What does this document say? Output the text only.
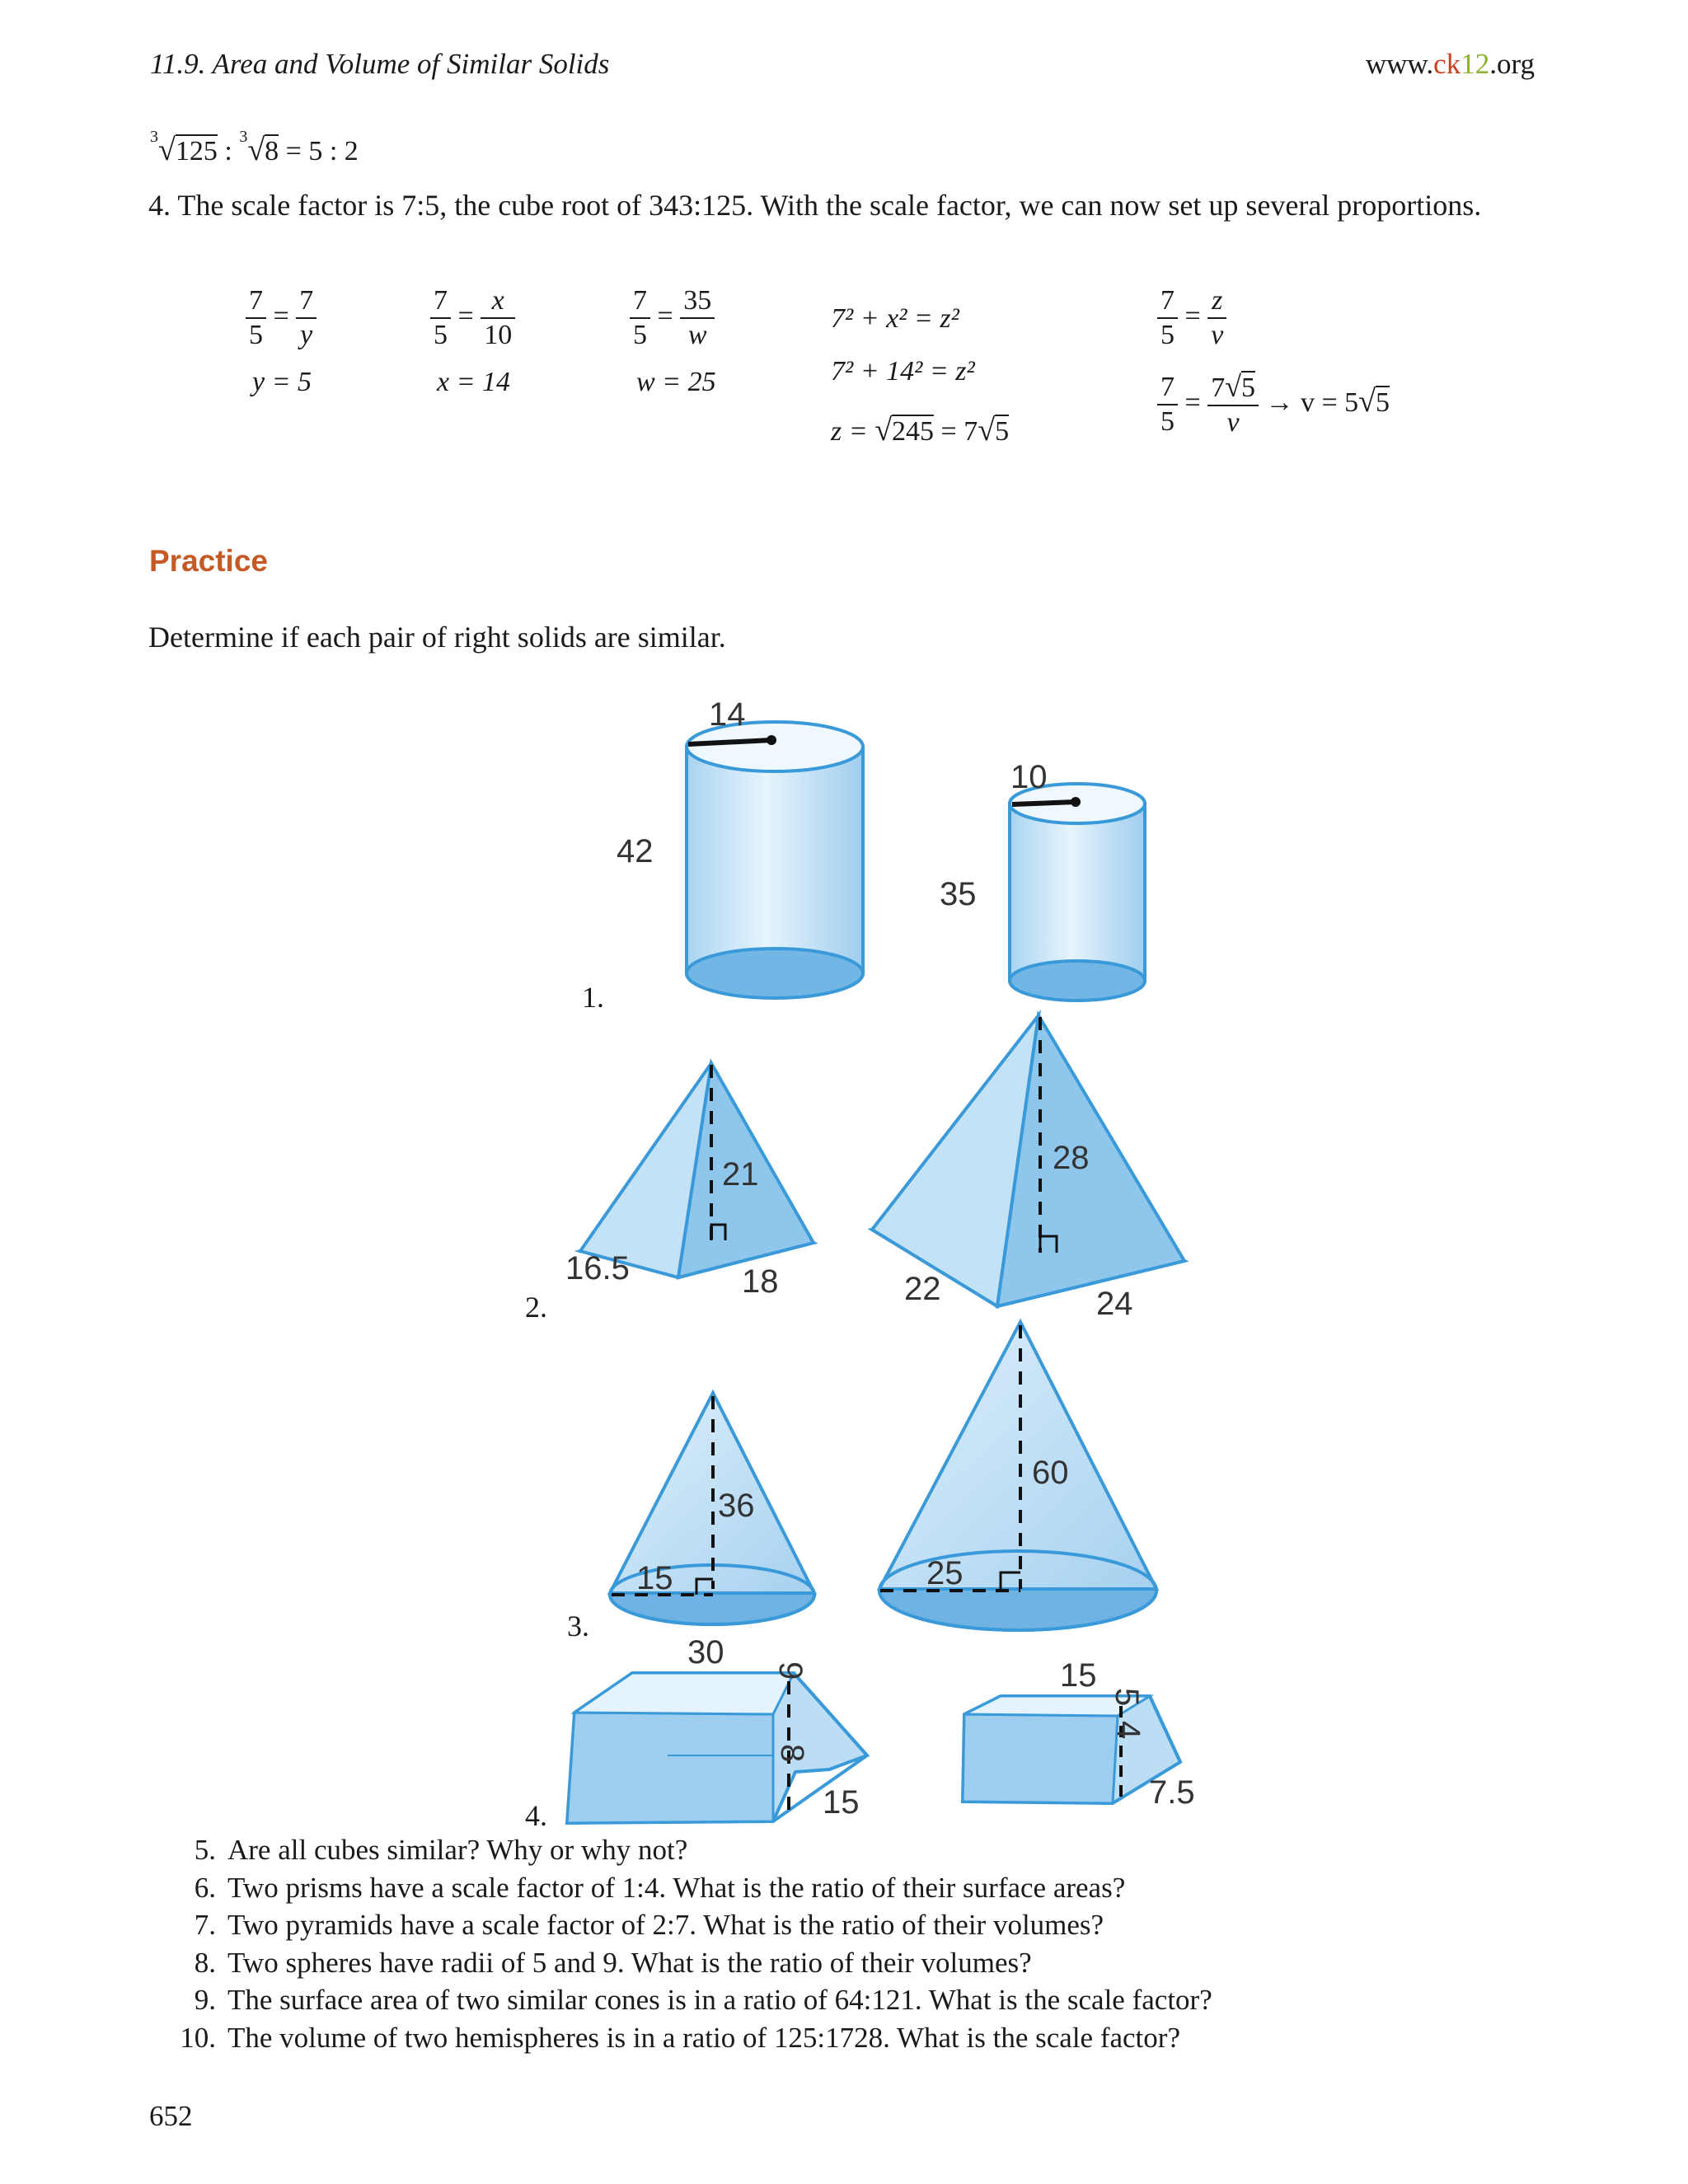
11.9. Area and Volume of Similar Solids	www.ck12.org
$^3$√125 : $^3$√8 = 5 : 2
4. The scale factor is 7:5, the cube root of 343:125. With the scale factor, we can now set up several proportions.
$\frac{7}{5} = \frac{7}{y}$
y = 5
$\frac{7}{5} = \frac{x}{10}$
x = 14
$\frac{7}{5} = \frac{35}{w}$
w = 25
7² + x² = z²
7² + 14² = z²
z = √245 = 7√5
$\frac{7}{5} = \frac{z}{v}$
$\frac{7}{5} = \frac{7√5}{v} \to v = 5√5$
Practice
Determine if each pair of right solids are similar.
1.
14
42
10
35
2.
21
16.5	18
28
22	24
3.
36
15
60
25
4.
30
9
8
15
15
5
4
7.5
5. Are all cubes similar? Why or why not?
6. Two prisms have a scale factor of 1:4. What is the ratio of their surface areas?
7. Two pyramids have a scale factor of 2:7. What is the ratio of their volumes?
8. Two spheres have radii of 5 and 9. What is the ratio of their volumes?
9. The surface area of two similar cones is in a ratio of 64:121. What is the scale factor?
10. The volume of two hemispheres is in a ratio of 125:1728. What is the scale factor?
652
